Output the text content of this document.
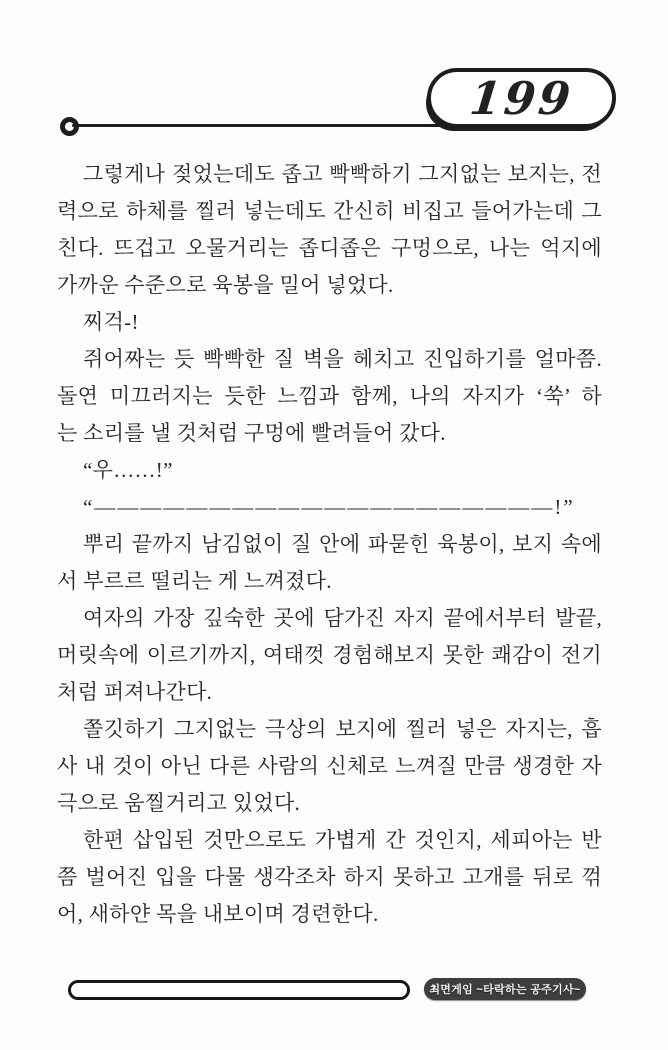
199
그렇게나 젖었는데도 좁고 빡빡하기 그지없는 보지는, 전
력으로 하체를 찔러 넣는데도 간신히 비집고 들어가는데 그
친다. 뜨겁고 오물거리는 좁디좁은 구멍으로, 나는 억지에
가까운 수준으로 육봉을 밀어 넣었다.
찌걱-!
쥐어짜는 듯 빡빡한 질 벽을 헤치고 진입하기를 얼마쯤.
돌연 미끄러지는 듯한 느낌과 함께, 나의 자지가 ‘쑥’ 하
는 소리를 낼 것처럼 구멍에 빨려들어 갔다.
“우……!”
“————————————————————!”
뿌리 끝까지 남김없이 질 안에 파묻힌 육봉이, 보지 속에
서 부르르 떨리는 게 느껴졌다.
여자의 가장 깊숙한 곳에 담가진 자지 끝에서부터 발끝,
머릿속에 이르기까지, 여태껏 경험해보지 못한 쾌감이 전기
처럼 퍼져나간다.
쫄깃하기 그지없는 극상의 보지에 찔러 넣은 자지는, 흡
사 내 것이 아닌 다른 사람의 신체로 느껴질 만큼 생경한 자
극으로 움찔거리고 있었다.
한편 삽입된 것만으로도 가볍게 간 것인지, 세피아는 반
쯤 벌어진 입을 다물 생각조차 하지 못하고 고개를 뒤로 꺾
어, 새하얀 목을 내보이며 경련한다.
최면게임 ~타락하는 공주기사~
